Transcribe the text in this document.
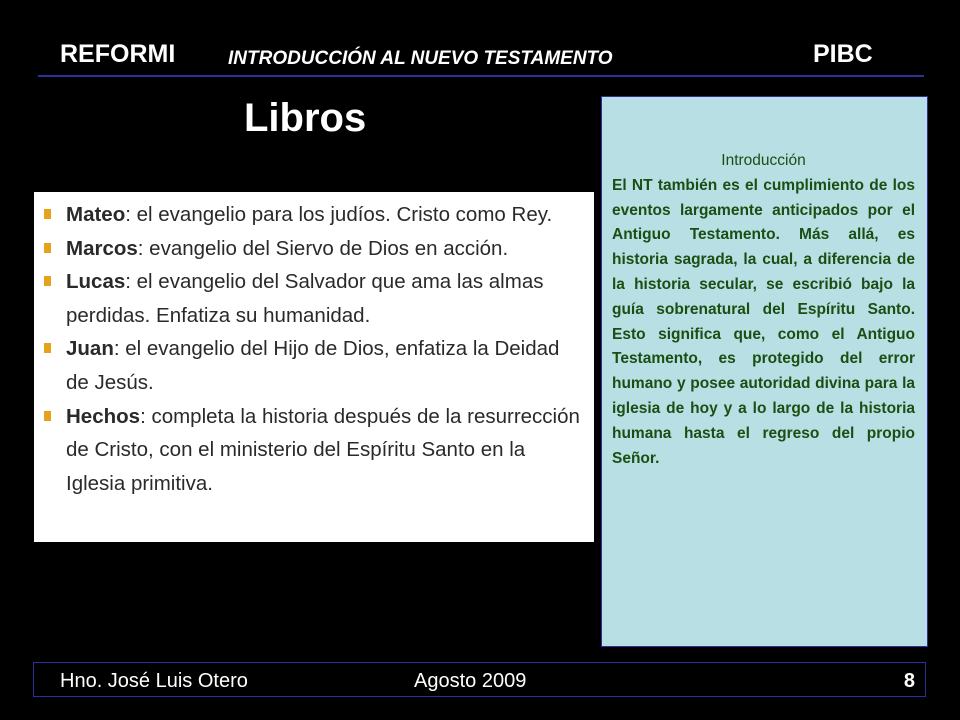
REFORMI	INTRODUCCIÓN AL NUEVO TESTAMENTO	PIBC
Libros
Mateo: el evangelio para los judíos. Cristo como Rey.
Marcos: evangelio del Siervo de Dios en acción.
Lucas: el evangelio del Salvador que ama las almas perdidas. Enfatiza su humanidad.
Juan: el evangelio del Hijo de Dios, enfatiza la Deidad de Jesús.
Hechos: completa la historia después de la resurrección de Cristo, con el ministerio del Espíritu Santo en la Iglesia primitiva.
Introducción
El NT también es el cumplimiento de los eventos largamente anticipados por el Antiguo Testamento. Más allá, es historia sagrada, la cual, a diferencia de la historia secular, se escribió bajo la guía sobrenatural del Espíritu Santo. Esto significa que, como el Antiguo Testamento, es protegido del error humano y posee autoridad divina para la iglesia de hoy y a lo largo de la historia humana hasta el regreso del propio Señor.
Hno. José Luis Otero	Agosto 2009	8
